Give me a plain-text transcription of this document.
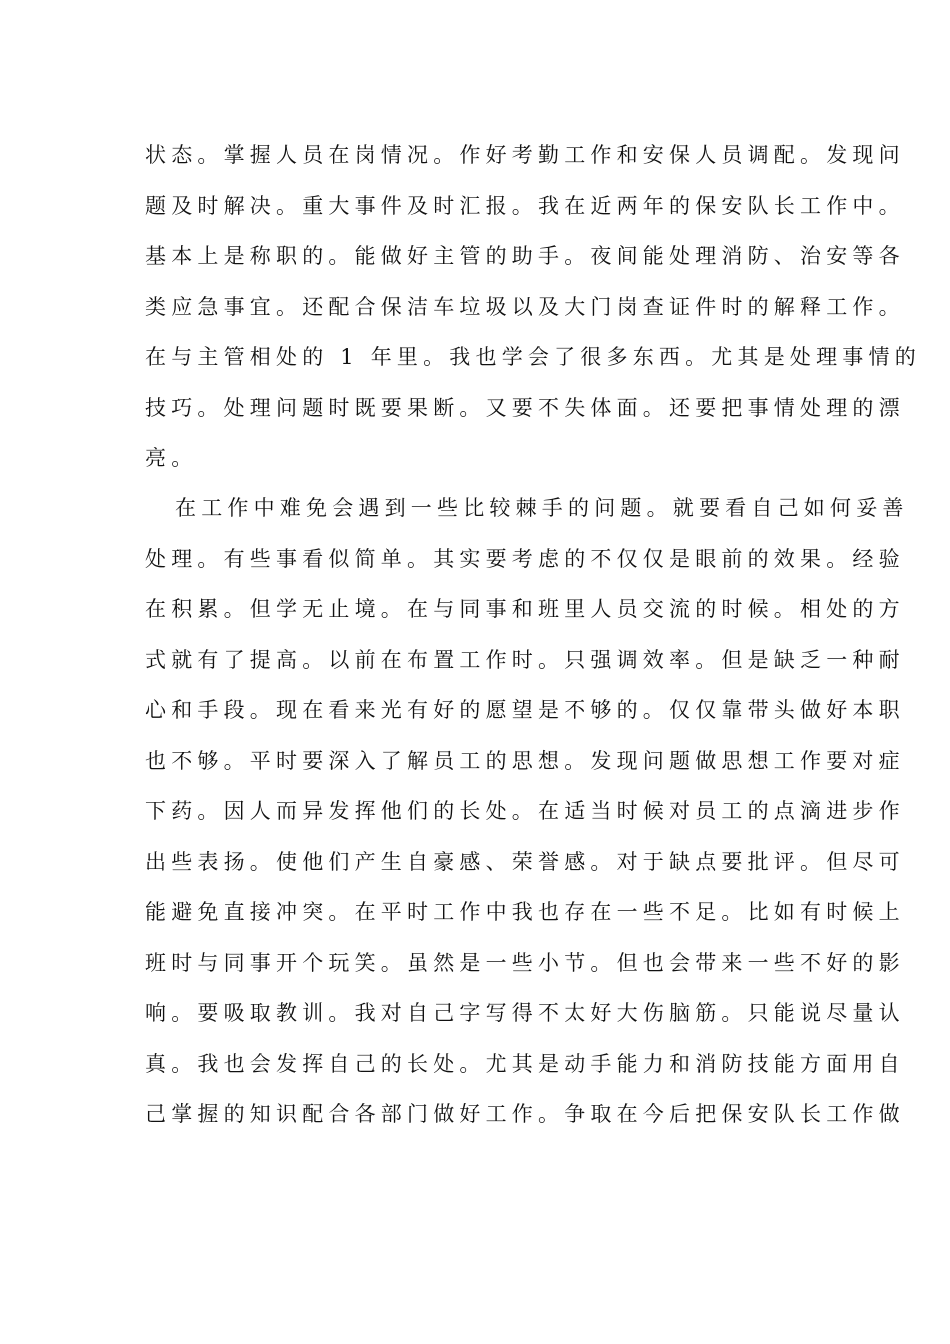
状态。掌握人员在岗情况。作好考勤工作和安保人员调配。发现问
题及时解决。重大事件及时汇报。我在近两年的保安队长工作中。
基本上是称职的。能做好主管的助手。夜间能处理消防、治安等各
类应急事宜。还配合保洁车垃圾以及大门岗查证件时的解释工作。
在与主管相处的 1 年里。我也学会了很多东西。尤其是处理事情的
技巧。处理问题时既要果断。又要不失体面。还要把事情处理的漂
亮。
在工作中难免会遇到一些比较棘手的问题。就要看自己如何妥善
处理。有些事看似简单。其实要考虑的不仅仅是眼前的效果。经验
在积累。但学无止境。在与同事和班里人员交流的时候。相处的方
式就有了提高。以前在布置工作时。只强调效率。但是缺乏一种耐
心和手段。现在看来光有好的愿望是不够的。仅仅靠带头做好本职
也不够。平时要深入了解员工的思想。发现问题做思想工作要对症
下药。因人而异发挥他们的长处。在适当时候对员工的点滴进步作
出些表扬。使他们产生自豪感、荣誉感。对于缺点要批评。但尽可
能避免直接冲突。在平时工作中我也存在一些不足。比如有时候上
班时与同事开个玩笑。虽然是一些小节。但也会带来一些不好的影
响。要吸取教训。我对自己字写得不太好大伤脑筋。只能说尽量认
真。我也会发挥自己的长处。尤其是动手能力和消防技能方面用自
己掌握的知识配合各部门做好工作。争取在今后把保安队长工作做
